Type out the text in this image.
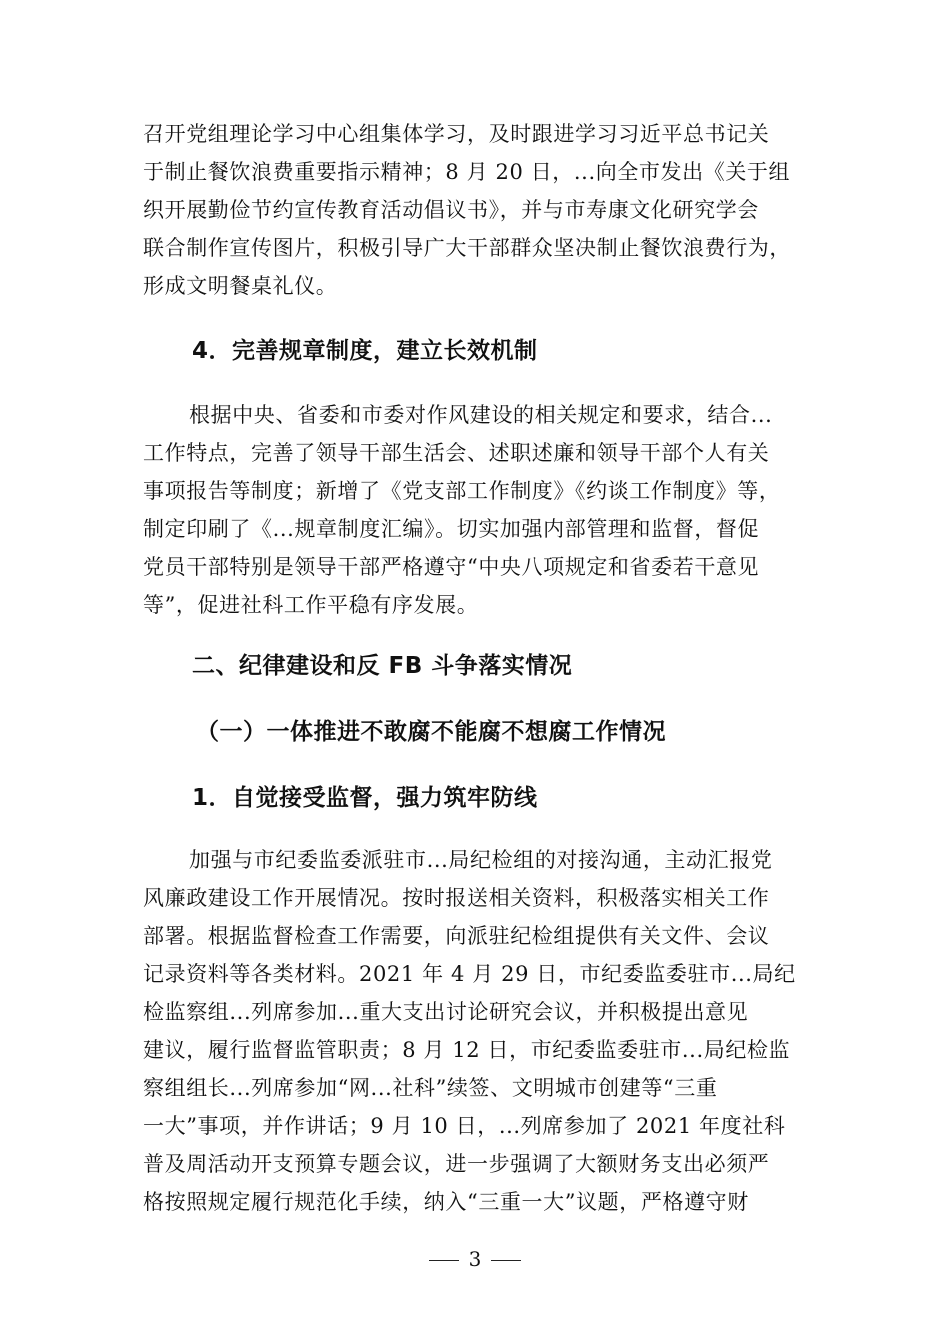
召开党组理论学习中心组集体学习，及时跟进学习习近平总书记关
于制止餐饮浪费重要指示精神；8 月 20 日，...向全市发出《关于组
织开展勤俭节约宣传教育活动倡议书》，并与市寿康文化研究学会
联合制作宣传图片，积极引导广大干部群众坚决制止餐饮浪费行为，
形成文明餐桌礼仪。
4．完善规章制度，建立长效机制
根据中央、省委和市委对作风建设的相关规定和要求，结合...
工作特点，完善了领导干部生活会、述职述廉和领导干部个人有关
事项报告等制度；新增了《党支部工作制度》《约谈工作制度》等，
制定印刷了《...规章制度汇编》。切实加强内部管理和监督，督促
党员干部特别是领导干部严格遵守“中央八项规定和省委若干意见
等”，促进社科工作平稳有序发展。
二、纪律建设和反 FB 斗争落实情况
（一）一体推进不敢腐不能腐不想腐工作情况
1．自觉接受监督，强力筑牢防线
加强与市纪委监委派驻市...局纪检组的对接沟通，主动汇报党
风廉政建设工作开展情况。按时报送相关资料，积极落实相关工作
部署。根据监督检查工作需要，向派驻纪检组提供有关文件、会议
记录资料等各类材料。2021 年 4 月 29 日，市纪委监委驻市...局纪
检监察组...列席参加...重大支出讨论研究会议，并积极提出意见
建议，履行监督监管职责；8 月 12 日，市纪委监委驻市...局纪检监
察组组长...列席参加“网...社科”续签、文明城市创建等“三重
一大”事项，并作讲话；9 月 10 日，...列席参加了 2021 年度社科
普及周活动开支预算专题会议，进一步强调了大额财务支出必须严
格按照规定履行规范化手续，纳入“三重一大”议题，严格遵守财
3
